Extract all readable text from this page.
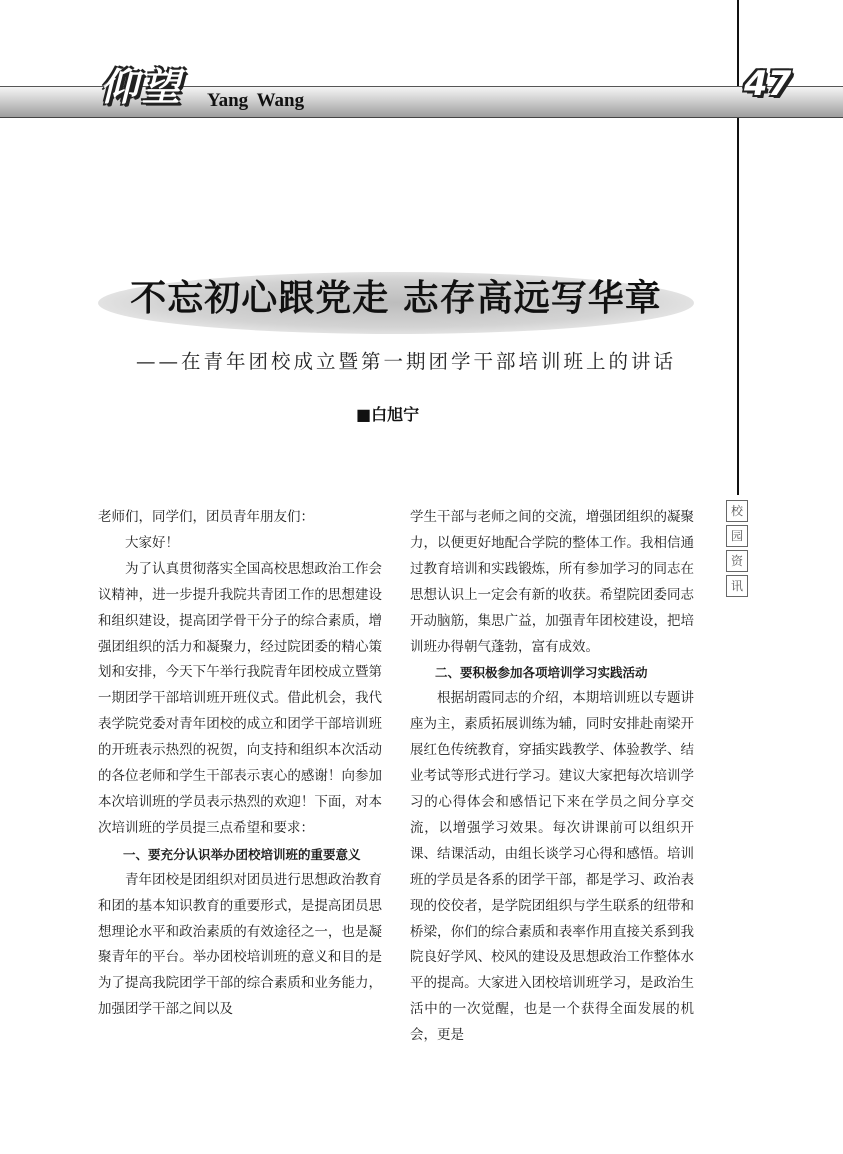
仰望 Yang Wang	47
不忘初心跟党走 志存高远写华章
——在青年团校成立暨第一期团学干部培训班上的讲话
■白旭宁
校
园
资
讯

老师们，同学们，团员青年朋友们：

大家好！

为了认真贯彻落实全国高校思想政治工作会议精神，进一步提升我院共青团工作的思想建设和组织建设，提高团学骨干分子的综合素质，增强团组织的活力和凝聚力，经过院团委的精心策划和安排，今天下午举行我院青年团校成立暨第一期团学干部培训班开班仪式。借此机会，我代表学院党委对青年团校的成立和团学干部培训班的开班表示热烈的祝贺，向支持和组织本次活动的各位老师和学生干部表示衷心的感谢！向参加本次培训班的学员表示热烈的欢迎！下面，对本次培训班的学员提三点希望和要求：

一、要充分认识举办团校培训班的重要意义

青年团校是团组织对团员进行思想政治教育和团的基本知识教育的重要形式，是提高团员思想理论水平和政治素质的有效途径之一，也是凝聚青年的平台。举办团校培训班的意义和目的是为了提高我院团学干部的综合素质和业务能力，加强团学干部之间以及

学生干部与老师之间的交流，增强团组织的凝聚力，以便更好地配合学院的整体工作。我相信通过教育培训和实践锻炼，所有参加学习的同志在思想认识上一定会有新的收获。希望院团委同志开动脑筋，集思广益，加强青年团校建设，把培训班办得朝气蓬勃，富有成效。

二、要积极参加各项培训学习实践活动

根据胡霞同志的介绍，本期培训班以专题讲座为主，素质拓展训练为辅，同时安排赴南梁开展红色传统教育，穿插实践教学、体验教学、结业考试等形式进行学习。建议大家把每次培训学习的心得体会和感悟记下来在学员之间分享交流，以增强学习效果。每次讲课前可以组织开课、结课活动，由组长谈学习心得和感悟。培训班的学员是各系的团学干部，都是学习、政治表现的佼佼者，是学院团组织与学生联系的纽带和桥梁，你们的综合素质和表率作用直接关系到我院良好学风、校风的建设及思想政治工作整体水平的提高。大家进入团校培训班学习，是政治生活中的一次觉醒，也是一个获得全面发展的机会，更是
